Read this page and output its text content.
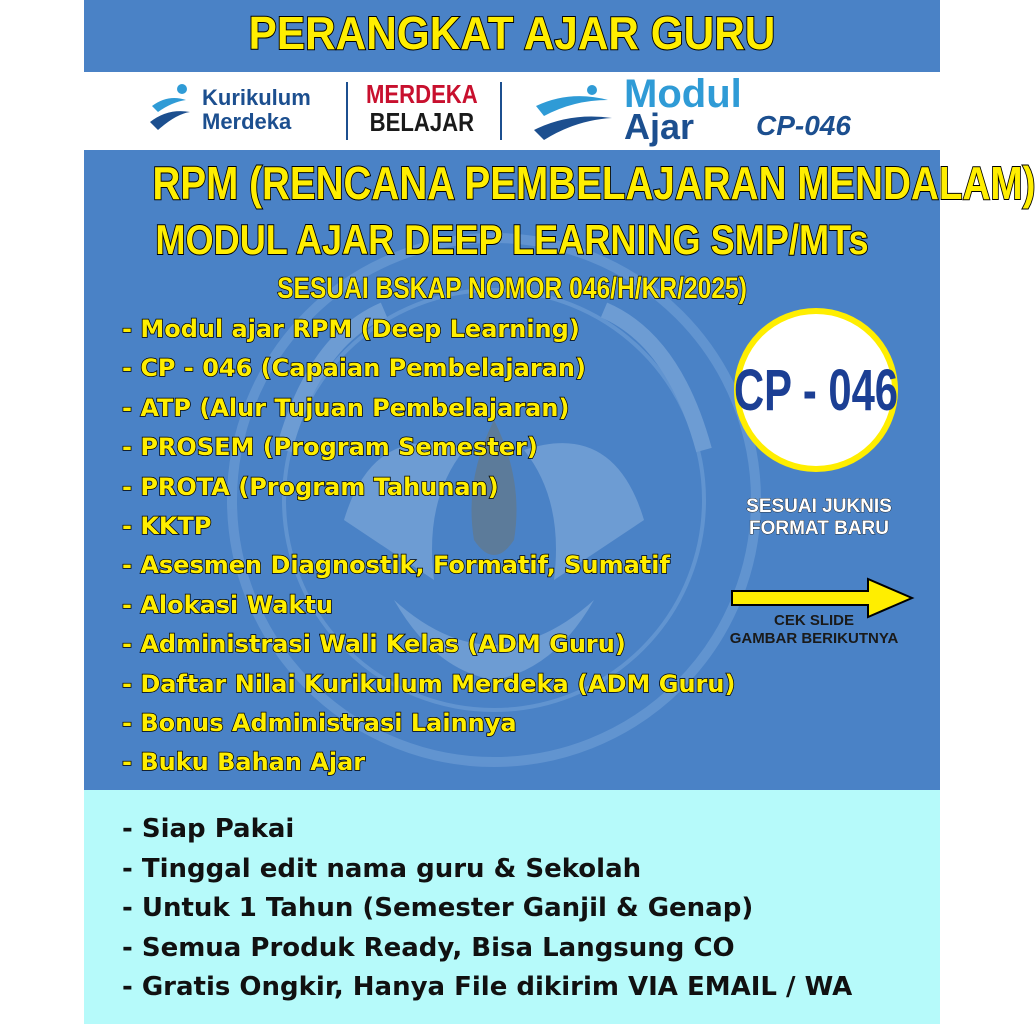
PERANGKAT AJAR GURU
Kurikulum
Merdeka
MERDEKA
BELAJAR
Modul
Ajar CP-046
RPM (RENCANA PEMBELAJARAN MENDALAM)
MODUL AJAR DEEP LEARNING SMP/MTs
SESUAI BSKAP NOMOR 046/H/KR/2025)
- Modul ajar RPM (Deep Learning)
- CP - 046 (Capaian Pembelajaran)
- ATP (Alur Tujuan Pembelajaran)
- PROSEM (Program Semester)
- PROTA (Program Tahunan)
- KKTP
- Asesmen Diagnostik, Formatif, Sumatif
- Alokasi Waktu
- Administrasi Wali Kelas (ADM Guru)
- Daftar Nilai Kurikulum Merdeka (ADM Guru)
- Bonus Administrasi Lainnya
- Buku Bahan Ajar
CP - 046
SESUAI JUKNIS
FORMAT BARU
CEK SLIDE
GAMBAR BERIKUTNYA
- Siap Pakai
- Tinggal edit nama guru & Sekolah
- Untuk 1 Tahun (Semester Ganjil & Genap)
- Semua Produk Ready, Bisa Langsung CO
- Gratis Ongkir, Hanya File dikirim VIA EMAIL / WA
